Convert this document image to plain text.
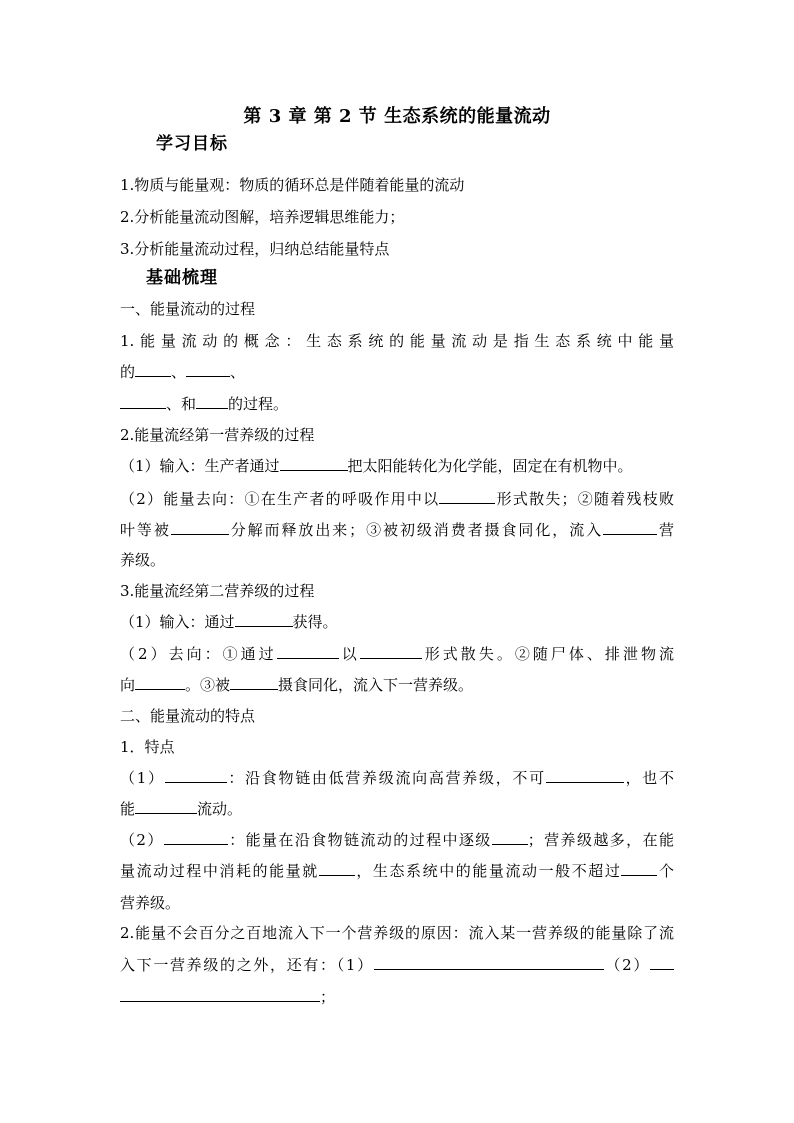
第 3 章 第 2 节 生态系统的能量流动
学习目标
1.物质与能量观：物质的循环总是伴随着能量的流动
2.分析能量流动图解，培养逻辑思维能力；
3.分析能量流动过程，归纳总结能量特点
基础梳理
一、能量流动的过程
1.能量流动的概念：生态系统的能量流动是指生态系统中能量
的 、	、
、和 的过程。
2.能量流经第一营养级的过程
（1）输入：生产者通过	把太阳能转化为化学能，固定在有机物中。
（2）能量去向：①在生产者的呼吸作用中以	形式散失；②随着残枝败
叶等被	分解而释放出来；③被初级消费者摄食同化，流入	营
养级。
3.能量流经第二营养级的过程
（1）输入：通过	获得。
（2）去向：①通过	以	形式散失。②随尸体、排泄物流
向	。③被	摄食同化，流入下一营养级。
二、能量流动的特点
1．特点
（1）	：沿食物链由低营养级流向高营养级，不可	，也不
能	流动。
（2）	：能量在沿食物链流动的过程中逐级 ；营养级越多，在能
量流动过程中消耗的能量就 ，生态系统中的能量流动一般不超过 个
营养级。
2.能量不会百分之百地流入下一个营养级的原因：流入某一营养级的能量除了流
入下一营养级的之外，还有：（1）	（2）
；
